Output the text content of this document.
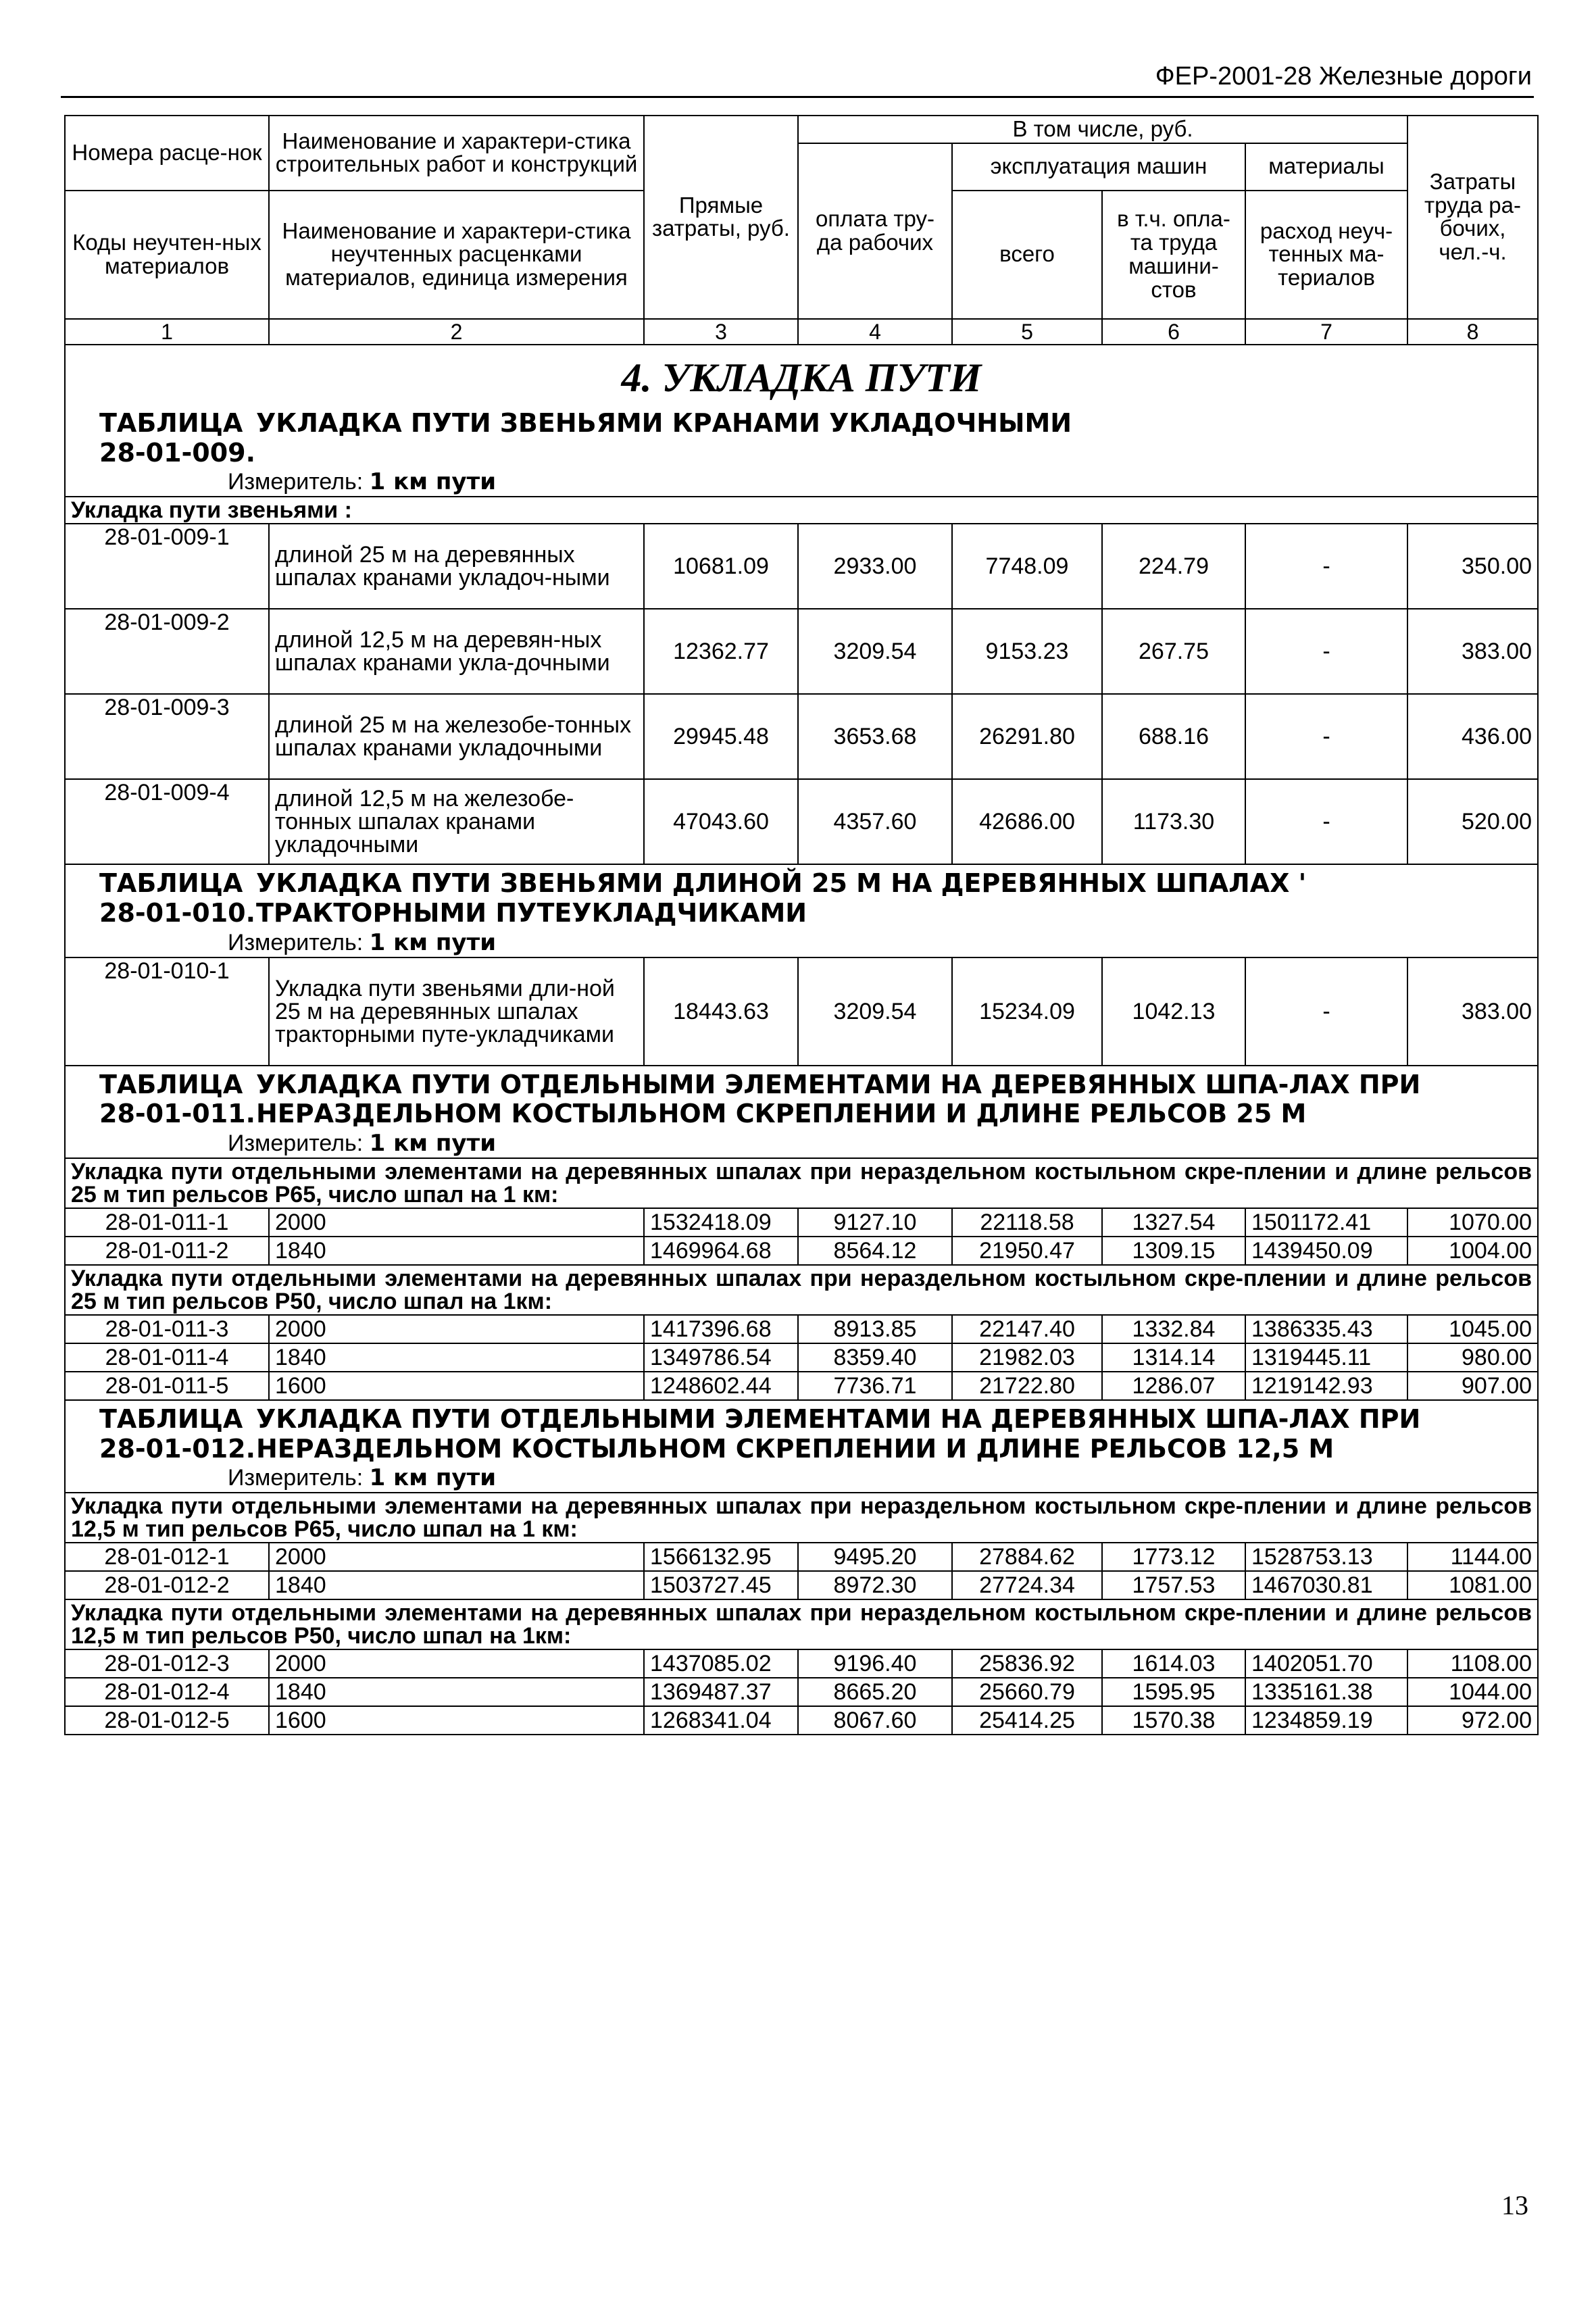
ФЕР-2001-28 Железные дороги
Номера расце-нок	Наименование и характери-стика строительных работ и конструкций	Прямые затраты, руб.	В том числе, руб.				Затраты труда ра-бочих, чел.-ч.
			оплата тру-да рабочих	эксплуатация машин		материалы	
Коды неучтен-ных материалов	Наименование и характери-стика неучтенных расценками материалов, единица измерения			всего	в т.ч. опла-та труда машини-стов	расход неуч-тенных ма-териалов	

1	2	3	4	5	6	7	8

4. УКЛАДКА ПУТИ
ТАБЛИЦА 28-01-009.УКЛАДКА ПУТИ ЗВЕНЬЯМИ КРАНАМИ УКЛАДОЧНЫМИ
Измеритель: 1 км пути							

Укладка пути звеньями :							
28-01-009-1	длиной 25 м на деревянных шпалах кранами укладоч-ными	10681.09	2933.00	7748.09	224.79	-	350.00
28-01-009-2	длиной 12,5 м на деревян-ных шпалах кранами укла-дочными	12362.77	3209.54	9153.23	267.75	-	383.00
28-01-009-3	длиной 25 м на железобе-тонных шпалах кранами укладочными	29945.48	3653.68	26291.80	688.16	-	436.00
28-01-009-4	длиной 12,5 м на железобе-тонных шпалах кранами укладочными	47043.60	4357.60	42686.00	1173.30	-	520.00

ТАБЛИЦА 28-01-010.УКЛАДКА ПУТИ ЗВЕНЬЯМИ ДЛИНОЙ 25 М НА ДЕРЕВЯННЫХ ШПАЛАХ ' ТРАКТОРНЫМИ ПУТЕУКЛАДЧИКАМИ
Измеритель: 1 км пути							

28-01-010-1	Укладка пути звеньями дли-ной 25 м на деревянных шпалах тракторными путе-укладчиками	18443.63	3209.54	15234.09	1042.13	-	383.00

ТАБЛИЦА 28-01-011.УКЛАДКА ПУТИ ОТДЕЛЬНЫМИ ЭЛЕМЕНТАМИ НА ДЕРЕВЯННЫХ ШПА-ЛАХ ПРИ НЕРАЗДЕЛЬНОМ КОСТЫЛЬНОМ СКРЕПЛЕНИИ И ДЛИНЕ РЕЛЬСОВ 25 М
Измеритель: 1 км пути							

Укладка пути отдельными элементами на деревянных шпалах при нераздельном костыльном скре-плении и длине рельсов 25 м тип рельсов Р65, число шпал на 1 км:							
28-01-011-1	2000	1532418.09	9127.10	22118.58	1327.54	1501172.41	1070.00
28-01-011-2	1840	1469964.68	8564.12	21950.47	1309.15	1439450.09	1004.00
Укладка пути отдельными элементами на деревянных шпалах при нераздельном костыльном скре-плении и длине рельсов 25 м тип рельсов Р50, число шпал на 1км:							
28-01-011-3	2000	1417396.68	8913.85	22147.40	1332.84	1386335.43	1045.00
28-01-011-4	1840	1349786.54	8359.40	21982.03	1314.14	1319445.11	980.00
28-01-011-5	1600	1248602.44	7736.71	21722.80	1286.07	1219142.93	907.00

ТАБЛИЦА 28-01-012.УКЛАДКА ПУТИ ОТДЕЛЬНЫМИ ЭЛЕМЕНТАМИ НА ДЕРЕВЯННЫХ ШПА-ЛАХ ПРИ НЕРАЗДЕЛЬНОМ КОСТЫЛЬНОМ СКРЕПЛЕНИИ И ДЛИНЕ РЕЛЬСОВ 12,5 М
Измеритель: 1 км пути							

Укладка пути отдельными элементами на деревянных шпалах при нераздельном костыльном скре-плении и длине рельсов 12,5 м тип рельсов Р65, число шпал на 1 км:							
28-01-012-1	2000	1566132.95	9495.20	27884.62	1773.12	1528753.13	1144.00
28-01-012-2	1840	1503727.45	8972.30	27724.34	1757.53	1467030.81	1081.00
Укладка пути отдельными элементами на деревянных шпалах при нераздельном костыльном скре-плении и длине рельсов 12,5 м тип рельсов Р50, число шпал на 1км:							
28-01-012-3	2000	1437085.02	9196.40	25836.92	1614.03	1402051.70	1108.00
28-01-012-4	1840	1369487.37	8665.20	25660.79	1595.95	1335161.38	1044.00
28-01-012-5	1600	1268341.04	8067.60	25414.25	1570.38	1234859.19	972.00
13
